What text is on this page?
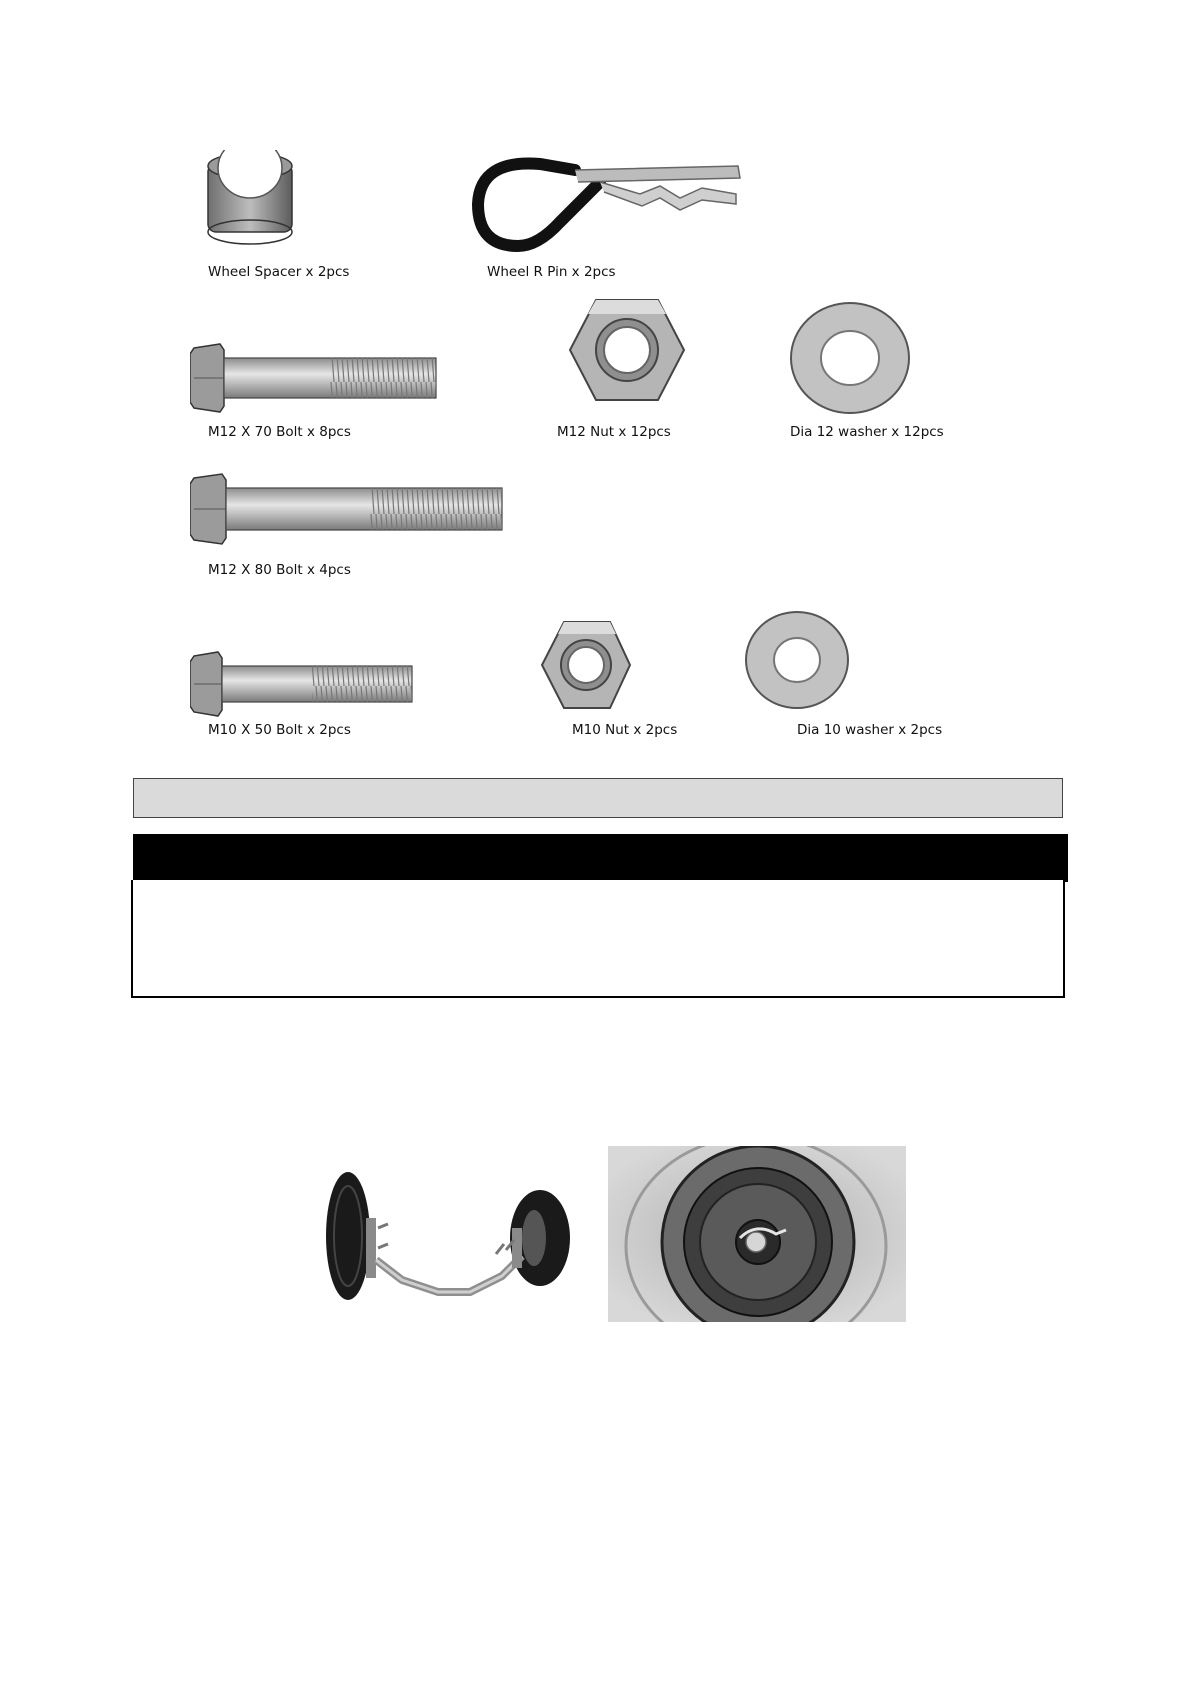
Wheel Spacer x 2pcs	Wheel R Pin x 2pcs
M12 X 70 Bolt x 8pcs	M12 Nut x 12pcs	Dia 12 washer x 12pcs
M12 X 80 Bolt x 4pcs
M10 X 50 Bolt x 2pcs	M10 Nut x 2pcs	Dia 10 washer x 2pcs
